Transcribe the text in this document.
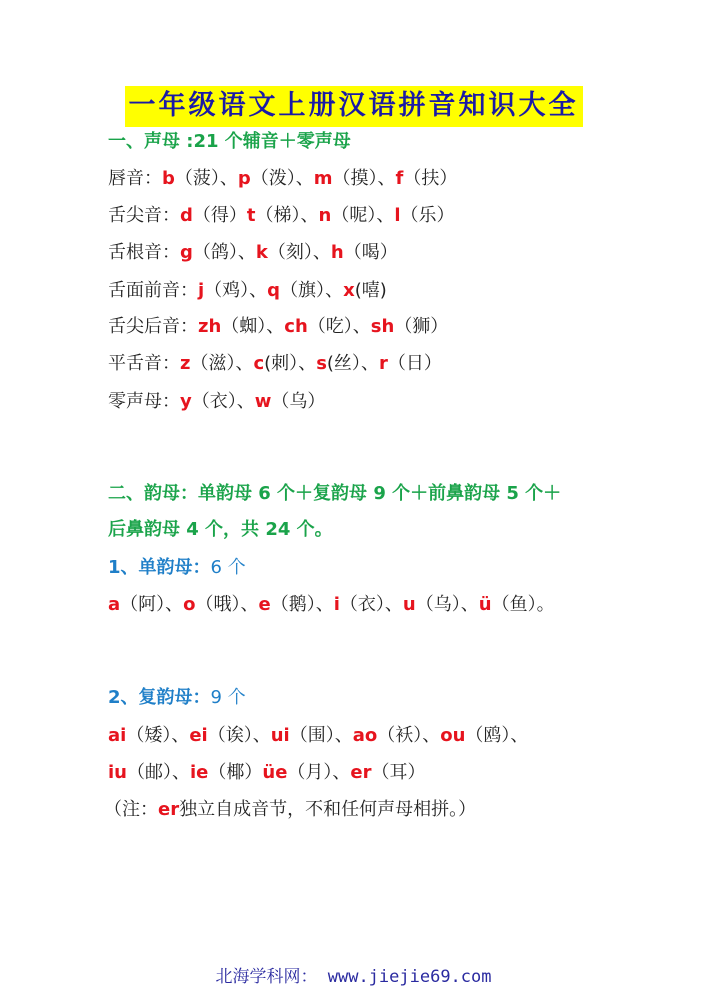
一年级语文上册汉语拼音知识大全
一、声母 :21 个辅音＋零声母
唇音：b（菠）、p（泼）、m（摸）、f（扶）
舌尖音：d（得）t（梯）、n（呢）、l（乐）
舌根音：g（鸽）、k（刻）、h（喝）
舌面前音：j（鸡）、q（旗）、x(嘻)
舌尖后音：zh（蜘）、ch（吃）、sh（狮）
平舌音：z（滋）、c(刺）、s(丝）、r（日）
零声母：y（衣）、w（乌）
二、韵母：单韵母 6 个＋复韵母 9 个＋前鼻韵母 5 个＋
后鼻韵母 4 个，共 24 个。
1、单韵母：6 个
a（阿）、o（哦）、e（鹅）、i（衣）、u（乌）、ü（鱼）。
2、复韵母：9 个
ai（矮）、ei（诶）、ui（围）、ao（袄）、ou（鸥）、
iu（邮）、ie（椰）üe（月）、er（耳）
（注：er独立自成音节，不和任何声母相拼。）
北海学科网： www.jiejie69.com
